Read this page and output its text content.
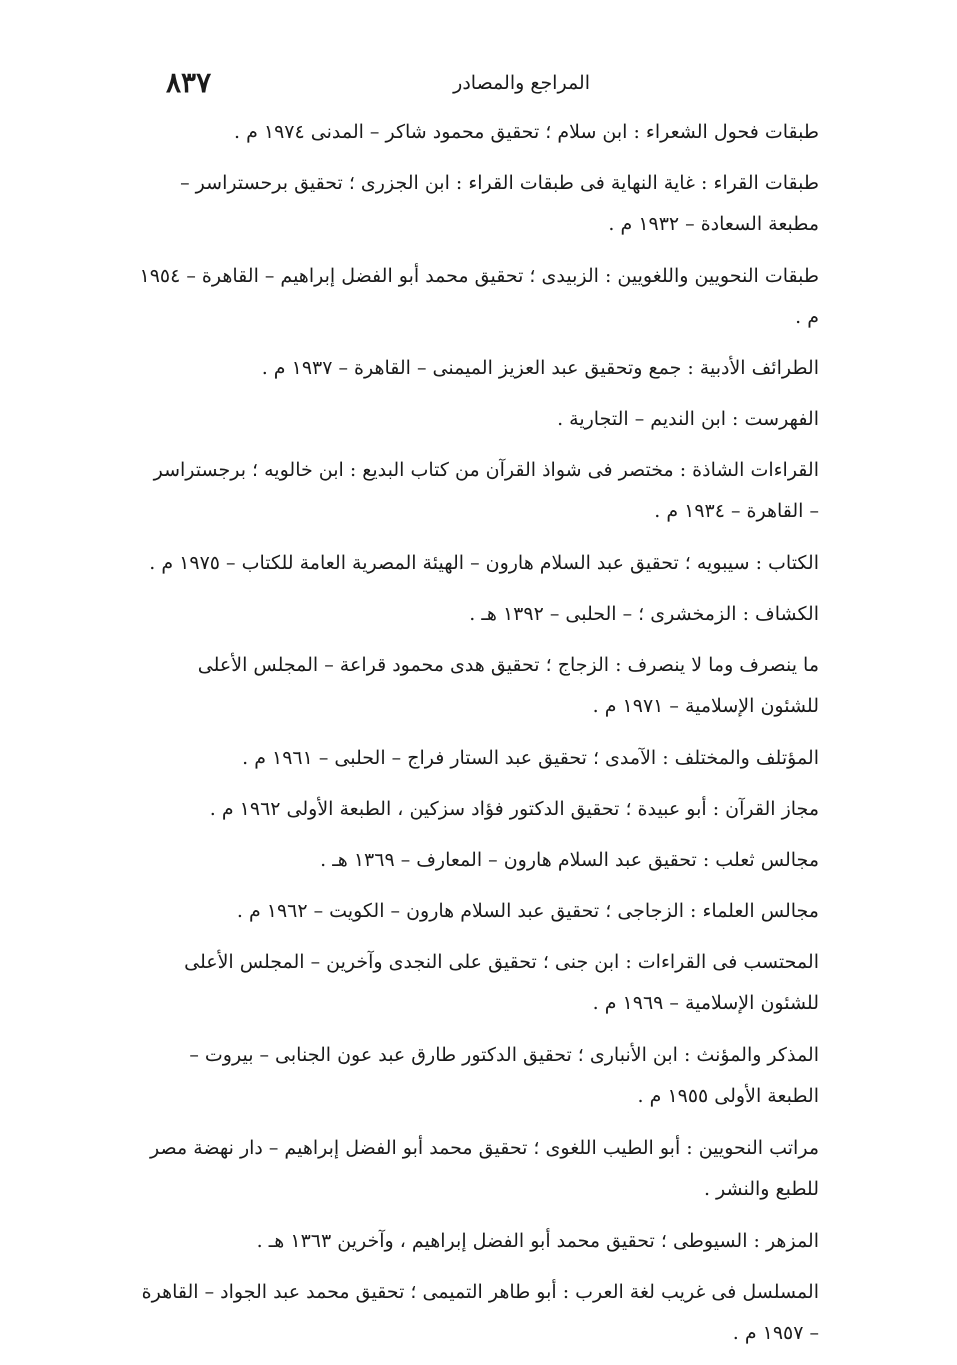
المراجع والمصادر
٨٣٧

طبقات فحول الشعراء : ابن سلام ؛ تحقيق محمود شاكر – المدنى ١٩٧٤ م .

طبقات القراء : غاية النهاية فى طبقات القراء : ابن الجزرى ؛ تحقيق برحستراسر – مطبعة السعادة – ١٩٣٢ م .

طبقات النحويين واللغويين : الزبيدى ؛ تحقيق محمد أبو الفضل إبراهيم – القاهرة – ١٩٥٤ م .

الطرائف الأدبية : جمع وتحقيق عبد العزيز الميمنى – القاهرة – ١٩٣٧ م .

الفهرست : ابن النديم – التجارية .

القراءات الشاذة : مختصر فى شواذ القرآن من كتاب البديع : ابن خالويه ؛ برجستراسر – القاهرة – ١٩٣٤ م .

الكتاب : سيبويه ؛ تحقيق عبد السلام هارون – الهيئة المصرية العامة للكتاب – ١٩٧٥ م .

الكشاف : الزمخشرى ؛ – الحلبى – ١٣٩٢ هـ .

ما ينصرف وما لا ينصرف : الزجاج ؛ تحقيق هدى محمود قراعة – المجلس الأعلى للشئون الإسلامية – ١٩٧١ م .

المؤتلف والمختلف : الآمدى ؛ تحقيق عبد الستار فراج – الحلبى – ١٩٦١ م .

مجاز القرآن : أبو عبيدة ؛ تحقيق الدكتور فؤاد سزكين ، الطبعة الأولى ١٩٦٢ م .

مجالس ثعلب : تحقيق عبد السلام هارون – المعارف – ١٣٦٩ هـ .

مجالس العلماء : الزجاجى ؛ تحقيق عبد السلام هارون – الكويت – ١٩٦٢ م .

المحتسب فى القراءات : ابن جنى ؛ تحقيق على النجدى وآخرين – المجلس الأعلى للشئون الإسلامية – ١٩٦٩ م .

المذكر والمؤنث : ابن الأنبارى ؛ تحقيق الدكتور طارق عبد عون الجنابى – بيروت – الطبعة الأولى ١٩٥٥ م .

مراتب النحويين : أبو الطيب اللغوى ؛ تحقيق محمد أبو الفضل إبراهيم – دار نهضة مصر للطبع والنشر .

المزهر : السيوطى ؛ تحقيق محمد أبو الفضل إبراهيم ، وآخرين ١٣٦٣ هـ .

المسلسل فى غريب لغة العرب : أبو طاهر التميمى ؛ تحقيق محمد عبد الجواد – القاهرة – ١٩٥٧ م .
